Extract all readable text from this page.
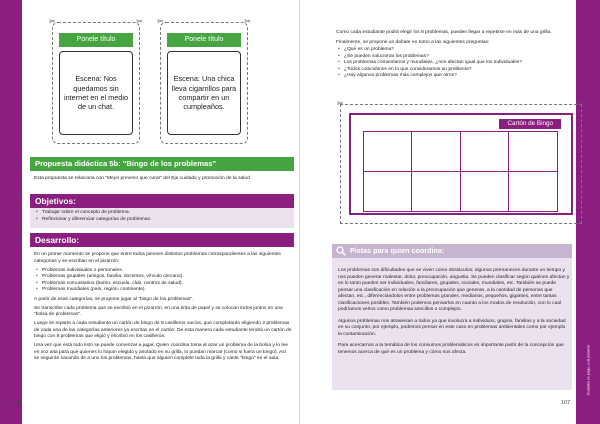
✂	✂
Ponele título
Escena: Nos quedamos sin internet en el medio de un chat.
✂	✂
Ponele título
Escena: Una chica lleva cigarrillos para compartir en un cumpleaños.
Propuesta didáctica 5b: "Bingo de los problemas"
Esta propuesta se relaciona con "Mejor prevenir que curar" del Eje cuidado y promoción de la salud.
Objetivos:
• Trabajar sobre el concepto de problema.
• Reflexionar y diferenciar categorías de problemas.
Desarrollo:

En un primer momento se propone que entre todos piensen distintos problemas correspondientes a las siguientes categorías y se escriban en el pizarrón:

• Problemas individuales o personales.
• Problemas grupales (amigos, familia, docentes, vínculo cercano).
• Problemas comunitarios (barrio, escuela, club, centros de salud).
• Problemas mundiales (país, región, continente).

A partir de esas categorías, se propone jugar al "bingo de los problemas".

Se transcribe cada problema que se escribió en el pizarrón, en una tirita de papel y se colocan todos juntos en una "bolsa de problemas".

Luego se reparte a cada estudiante un cartón de bingo de 8 casilleros vacíos, que completarán eligiendo 2 problemas de cada una de las categorías anteriores ya escritas en el cartón. De esta manera cada estudiante tendrá un cartón de bingo con 8 problemas que eligió y escribió en los casilleros.

Una vez que está todo listo se puede comenzar a jugar. Quien coordina toma al azar un problema de la bolsa y lo lee en voz alta para que quienes lo hayan elegido y anotado en su grilla, lo puedan marcar (como si fuera un bingo). Así se seguirán sacando de a uno los problemas, hasta que alguien complete toda la grilla y cante "bingo" en el aula.

106

Como cada estudiante podrá elegir los 8 problemas, pueden llegar a repetirse en más de una grilla.

Finalmente, se propone un debate en torno a las siguientes preguntas:

• ¿Qué es un problema?
• ¿Se pueden solucionar los problemas?
• Los problemas comunitarios y mundiales, ¿nos afectan igual que los individuales?
• ¿Todos coincidimos en lo que consideramos un problema?
• ¿Hay algunos problemas más complejos que otros?
✂	✂
Cartón de Bingo
Pistas para quien coordina:

Los problemas son dificultades que se viven como obstáculos; algunos permanecen durante un tiempo y nos pueden generar malestar, dolor, preocupación, angustia. Se pueden clasificar según quiénes afectan y en lo tanto pueden ser individuales, familiares, grupales, sociales, mundiales, etc. También se puede pensar una clasificación en relación a la preocupación que generan, a la cantidad de personas que afectan, etc., diferenciándolos entre problemas grandes, medianos, pequeños, gigantes, entre tantas clasificaciones posibles. También podemos pensarlos en cuanto a los modos de resolución, con lo cual podríamos verlos como problemas sencillos o complejos.

Algunos problemas nos atraviesan a todos ya que involucra a individuos, grupos, familias y a la sociedad en su conjunto, por ejemplo, podemos pensar en este caso en problemas ambientales como por ejemplo la contaminación.

Para acercarnos a la temática de los consumos problemáticos es importante partir de la concepción que tenemos acerca de qué es un problema y cómo nos afecta.	Cuidados en juego, sí al presente
107
